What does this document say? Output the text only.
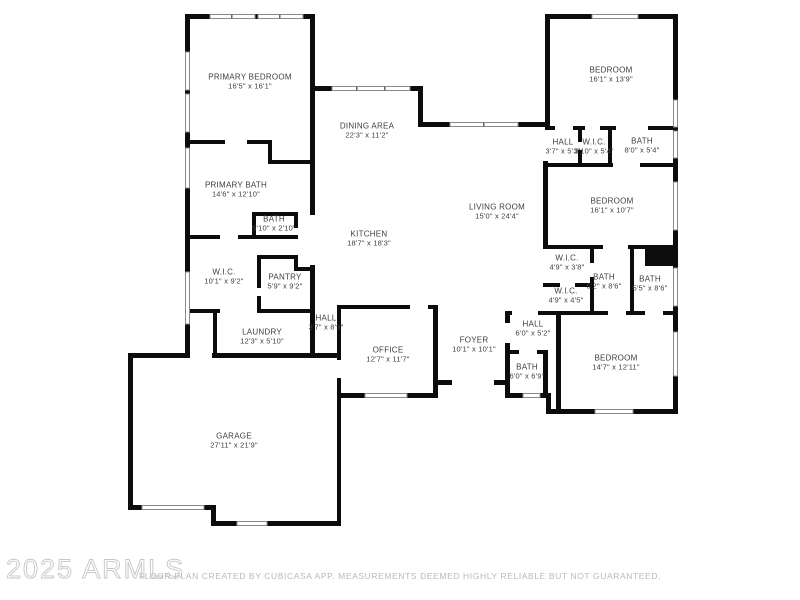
PRIMARY BEDROOM
16'5" x 16'1"
DINING AREA
22'3" x 11'2"
PRIMARY BATH
14'6" x 12'10"
BATH
5'10" x 2'10"
KITCHEN
18'7" x 18'3"
W.I.C.
10'1" x 9'2"	PANTRY
5'9" x 9'2"
HALL
3'7" x 8'9"
LAUNDRY
12'3" x 5'10"
OFFICE
12'7" x 11'7"
FOYER
10'1" x 10'1"
LIVING ROOM
15'0" x 24'4"
GARAGE
27'11" x 21'9"
BEDROOM
16'1" x 13'9"
HALL
3'7" x 5'3"
W.I.C.
3'10" x 5'4"
BATH
8'0" x 5'4"
BEDROOM
16'1" x 10'7"
W.I.C.
4'9" x 3'8"
W.I.C.
4'9" x 4'5"
BATH
5'2" x 8'6"
BATH
5'5" x 8'6"
HALL
6'0" x 5'2"
BATH
6'0" x 6'9"
BEDROOM
14'7" x 12'11"
2025 ARMLS
FLOOR PLAN CREATED BY CUBICASA APP. MEASUREMENTS DEEMED HIGHLY RELIABLE BUT NOT GUARANTEED.
